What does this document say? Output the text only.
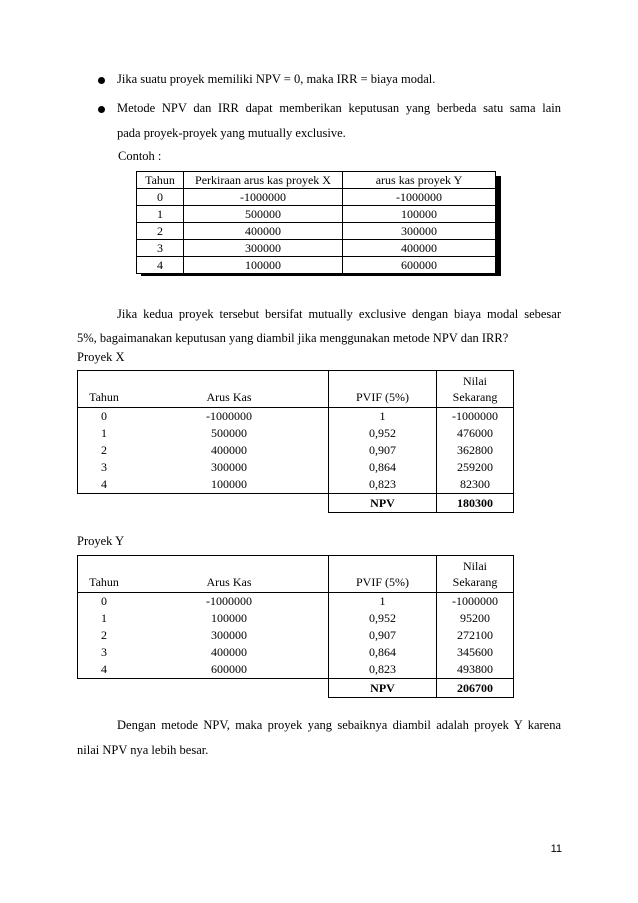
Jika suatu proyek memiliki NPV = 0, maka IRR = biaya modal.
Metode NPV dan IRR dapat memberikan keputusan yang berbeda satu sama lain
pada proyek-proyek yang mutually exclusive.
Contoh :
Tahun	Perkiraan arus kas proyek X	arus kas proyek Y
0	-1000000	-1000000
1	500000	100000
2	400000	300000
3	300000	400000
4	100000	600000
Jika kedua proyek tersebut bersifat mutually exclusive dengan biaya modal sebesar
5%, bagaimanakan keputusan yang diambil jika menggunakan metode NPV dan IRR?
Proyek X
Tahun	Arus Kas	PVIF (5%)	Nilai
Sekarang

0	-1000000	1	-1000000
1	500000	0,952	476000
2	400000	0,907	362800
3	300000	0,864	259200
4	100000	0,823	82300
		NPV	180300
Proyek Y
Tahun	Arus Kas	PVIF (5%)	Nilai
Sekarang

0	-1000000	1	-1000000
1	100000	0,952	95200
2	300000	0,907	272100
3	400000	0,864	345600
4	600000	0,823	493800
		NPV	206700
Dengan metode NPV, maka proyek yang sebaiknya diambil adalah proyek Y karena
nilai NPV nya lebih besar.
11
